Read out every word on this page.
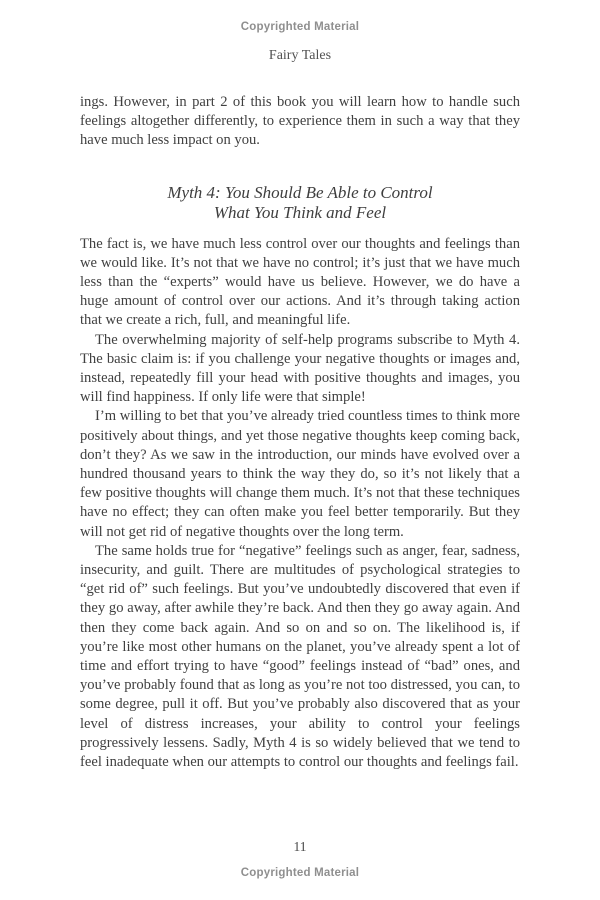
Copyrighted Material
Fairy Tales

ings. However, in part 2 of this book you will learn how to handle such feelings altogether differently, to experience them in such a way that they have much less impact on you.

Myth 4: You Should Be Able to Control
What You Think and Feel

The fact is, we have much less control over our thoughts and feelings than we would like. It’s not that we have no control; it’s just that we have much less than the “experts” would have us believe. However, we do have a huge amount of control over our actions. And it’s through taking action that we create a rich, full, and meaningful life.

The overwhelming majority of self-help programs subscribe to Myth 4. The basic claim is: if you challenge your negative thoughts or images and, instead, repeatedly fill your head with positive thoughts and images, you will find happiness. If only life were that simple!

I’m willing to bet that you’ve already tried countless times to think more positively about things, and yet those negative thoughts keep coming back, don’t they? As we saw in the introduction, our minds have evolved over a hundred thousand years to think the way they do, so it’s not likely that a few positive thoughts will change them much. It’s not that these techniques have no effect; they can often make you feel better temporarily. But they will not get rid of negative thoughts over the long term.

The same holds true for “negative” feelings such as anger, fear, sadness, insecurity, and guilt. There are multitudes of psychological strategies to “get rid of” such feelings. But you’ve undoubtedly discovered that even if they go away, after awhile they’re back. And then they go away again. And then they come back again. And so on and so on. The likelihood is, if you’re like most other humans on the planet, you’ve already spent a lot of time and effort trying to have “good” feelings instead of “bad” ones, and you’ve probably found that as long as you’re not too distressed, you can, to some degree, pull it off. But you’ve probably also discovered that as your level of distress increases, your ability to control your feelings progressively lessens. Sadly, Myth 4 is so widely believed that we tend to feel inadequate when our attempts to control our thoughts and feelings fail.

11
Copyrighted Material
